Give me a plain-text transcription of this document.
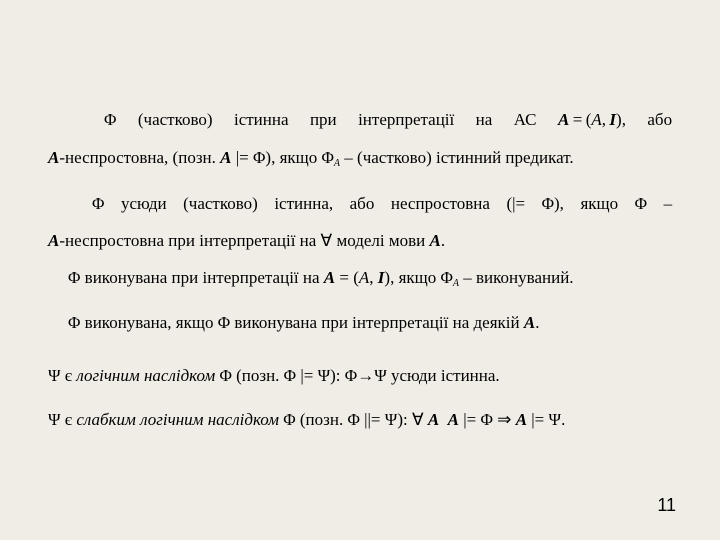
Φ (частково) істинна при інтерпретації на АС A  =  (A,  I), або
A-неспростовна, (позн. A |= Φ), якщо $\Phi_A$ – (частково) істинний предикат.
Φ усюди (частково) істинна, або неспростовна (|= Φ), якщо Φ –
A-неспростовна при інтерпретації на ∀ моделі мови A.
Φ виконувана при інтерпретації на A = (A, I), якщо $\Phi_A$ – виконуваний.
Φ виконувана, якщо Φ виконувана при інтерпретації на деякій A.
Ψ є логічним наслідком Φ (позн. Φ |= Ψ): Φ→Ψ усюди істинна.
Ψ є слабким логічним наслідком Φ (позн. Φ ||= Ψ): ∀ A A |= Φ ⇒ A |= Ψ.
11
